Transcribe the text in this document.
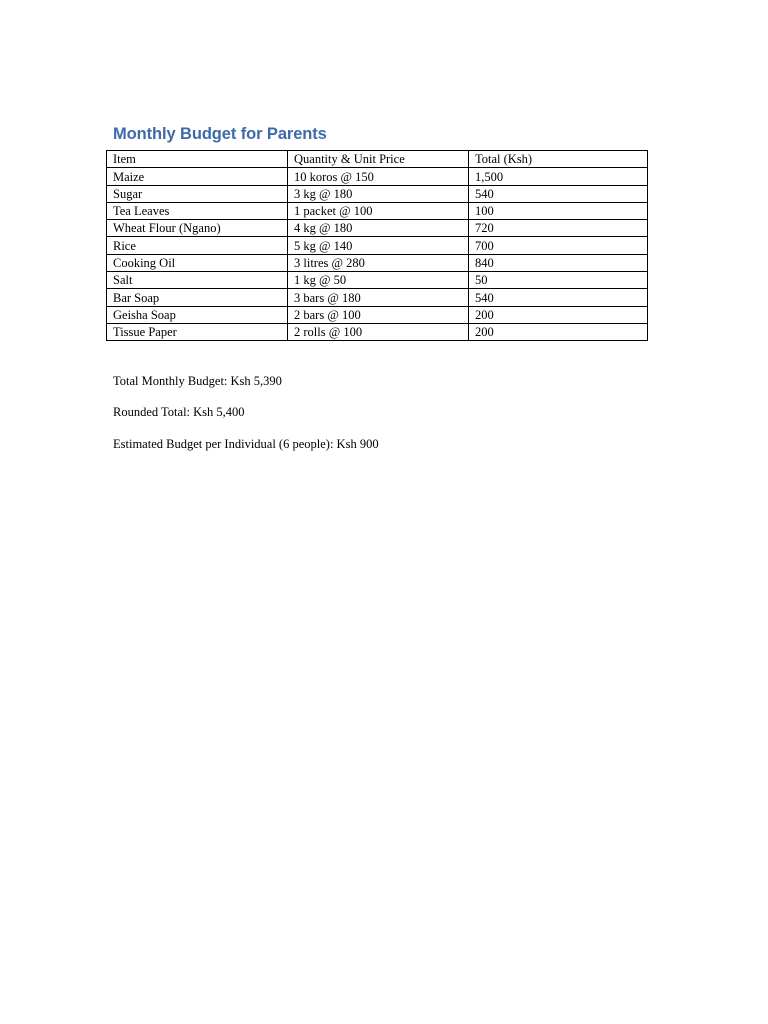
Monthly Budget for Parents
Item	Quantity & Unit Price	Total (Ksh)
Maize	10 koros @ 150	1,500
Sugar	3 kg @ 180	540
Tea Leaves	1 packet @ 100	100
Wheat Flour (Ngano)	4 kg @ 180	720
Rice	5 kg @ 140	700
Cooking Oil	3 litres @ 280	840
Salt	1 kg @ 50	50
Bar Soap	3 bars @ 180	540
Geisha Soap	2 bars @ 100	200
Tissue Paper	2 rolls @ 100	200
Total Monthly Budget: Ksh 5,390
Rounded Total: Ksh 5,400
Estimated Budget per Individual (6 people): Ksh 900
